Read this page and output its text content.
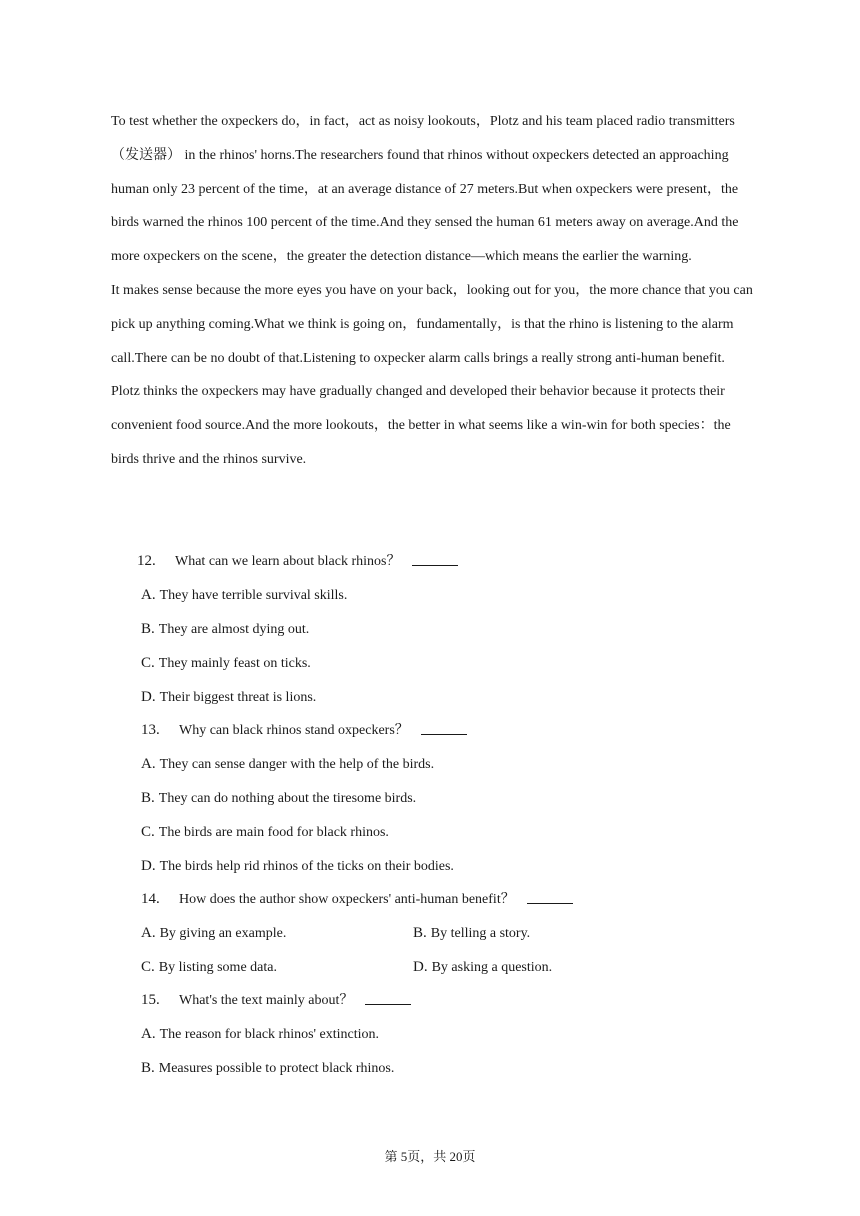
To test whether the oxpeckers do，in fact，act as noisy lookouts，Plotz and his team placed radio transmitters（发送器） in the rhinos' horns.The researchers found that rhinos without oxpeckers detected an approaching human only 23 percent of the time，at an average distance of 27 meters.But when oxpeckers were present，the birds warned the rhinos 100 percent of the time.And they sensed the human 61 meters away on average.And the more oxpeckers on the scene，the greater the detection distance—which means the earlier the warning.

It makes sense because the more eyes you have on your back，looking out for you，the more chance that you can pick up anything coming.What we think is going on，fundamentally，is that the rhino is listening to the alarm call.There can be no doubt of that.Listening to oxpecker alarm calls brings a really strong anti-human benefit.

Plotz thinks the oxpeckers may have gradually changed and developed their behavior because it protects their convenient food source.And the more lookouts，the better in what seems like a win-win for both species：the birds thrive and the rhinos survive.

12. What can we learn about black rhinos？
A. They have terrible survival skills.
B. They are almost dying out.
C. They mainly feast on ticks.
D. Their biggest threat is lions.
13. Why can black rhinos stand oxpeckers？
A. They can sense danger with the help of the birds.
B. They can do nothing about the tiresome birds.
C. The birds are main food for black rhinos.
D. The birds help rid rhinos of the ticks on their bodies.
14. How does the author show oxpeckers' anti-human benefit？
A. By giving an example.	B. By telling a story.
C. By listing some data.	D. By asking a question.
15. What's the text mainly about？
A. The reason for black rhinos' extinction.
B. Measures possible to protect black rhinos.
第 5页，共 20页
